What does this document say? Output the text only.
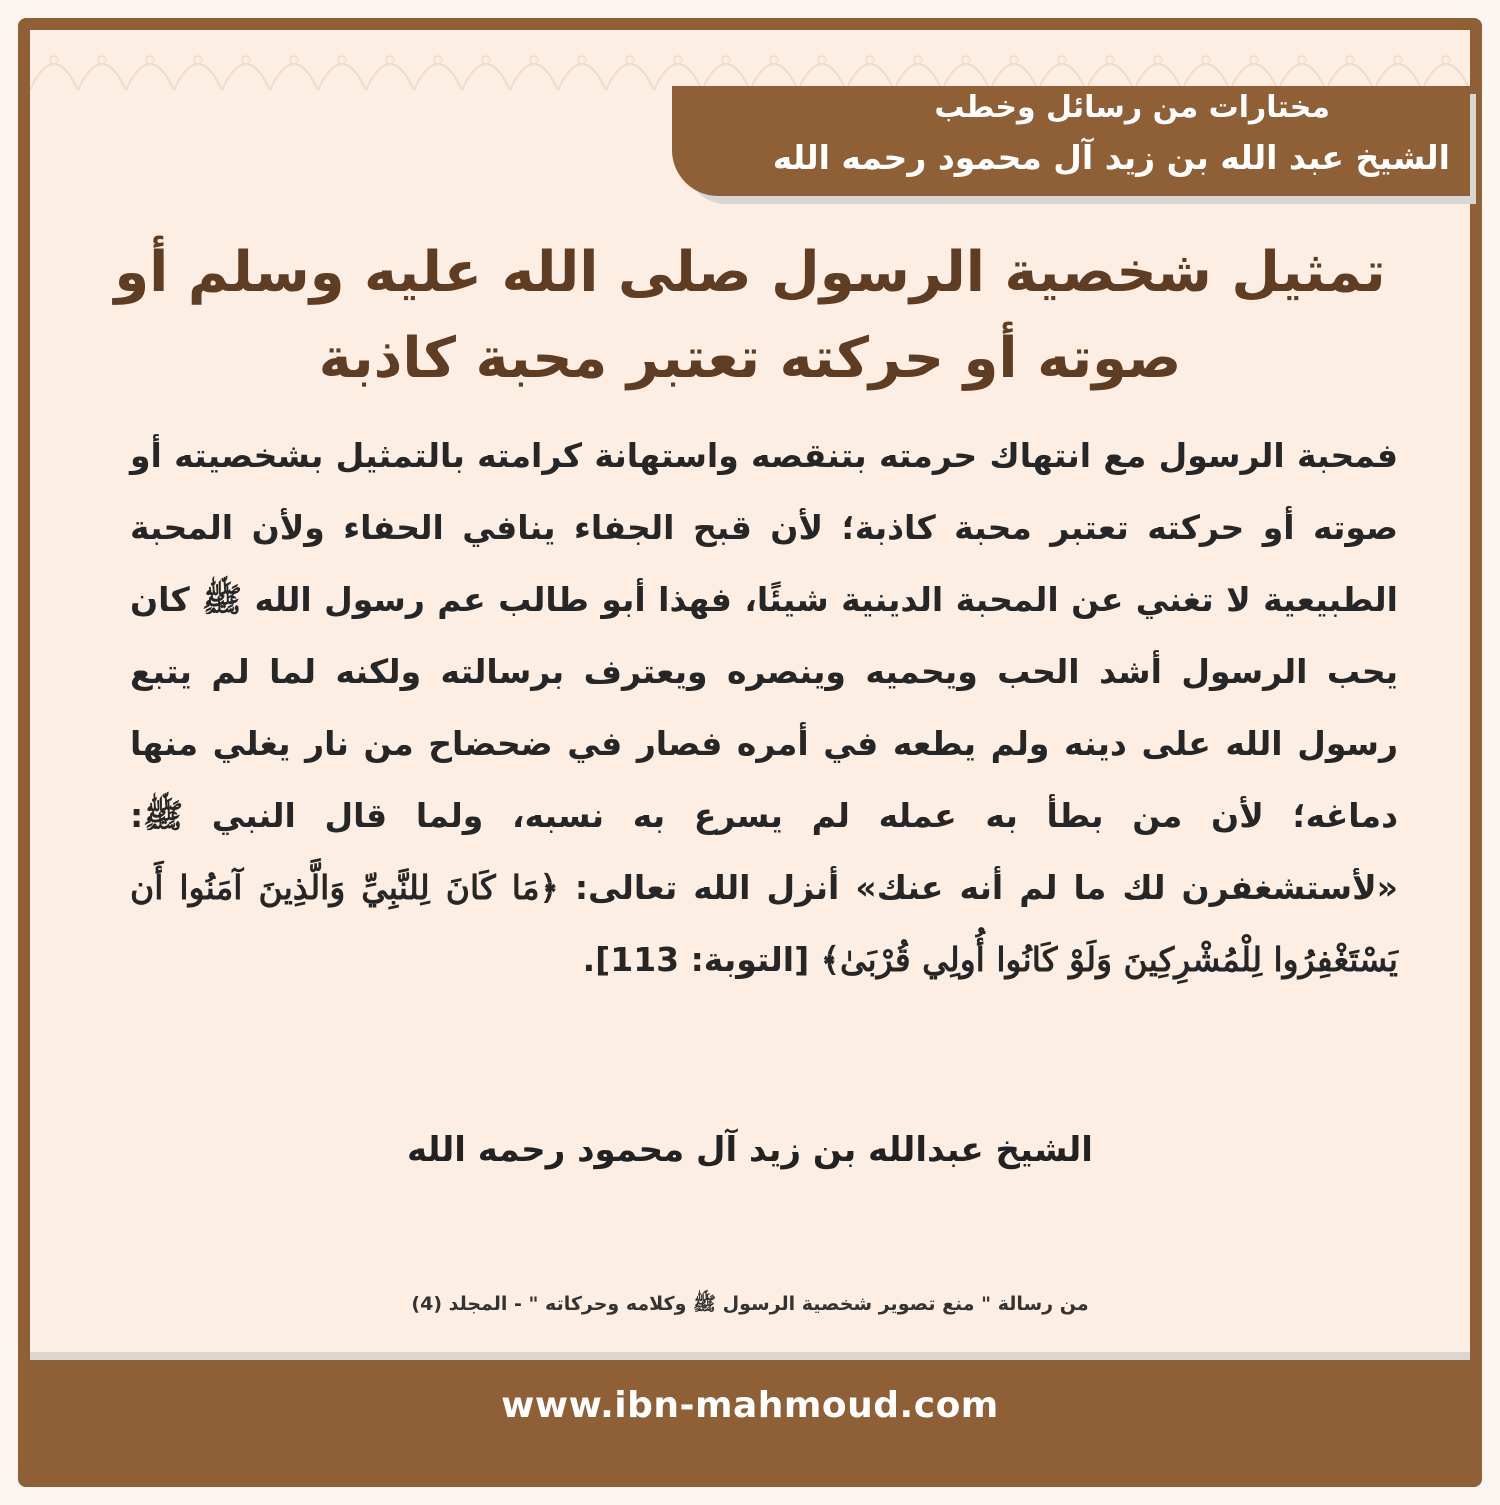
مختارات من رسائل وخطب
الشيخ عبد الله بن زيد آل محمود رحمه الله
تمثيل شخصية الرسول صلى الله عليه وسلم أو صوته أو حركته تعتبر محبة كاذبة
فمحبة الرسول مع انتهاك حرمته بتنقصه واستهانة كرامته بالتمثيل بشخصيته أو صوته أو حركته تعتبر محبة كاذبة؛ لأن قبح الجفاء ينافي الحفاء ولأن المحبة الطبيعية لا تغني عن المحبة الدينية شيئًا، فهذا أبو طالب عم رسول الله ﷺ كان يحب الرسول أشد الحب ويحميه وينصره ويعترف برسالته ولكنه لما لم يتبع رسول الله على دينه ولم يطعه في أمره فصار في ضحضاح من نار يغلي منها دماغه؛ لأن من بطأ به عمله لم يسرع به نسبه، ولما قال النبي ﷺ: «لأستشغفرن لك ما لم أنه عنك» أنزل الله تعالى: ﴿مَا كَانَ لِلنَّبِيِّ وَالَّذِينَ آمَنُوا أَن يَسْتَغْفِرُوا لِلْمُشْرِكِينَ وَلَوْ كَانُوا أُولِي قُرْبَىٰ﴾ [التوبة: 113].
الشيخ عبدالله بن زيد آل محمود رحمه الله
من رسالة " منع تصوير شخصية الرسول ﷺ وكلامه وحركاته " - المجلد (4)
www.ibn-mahmoud.com
